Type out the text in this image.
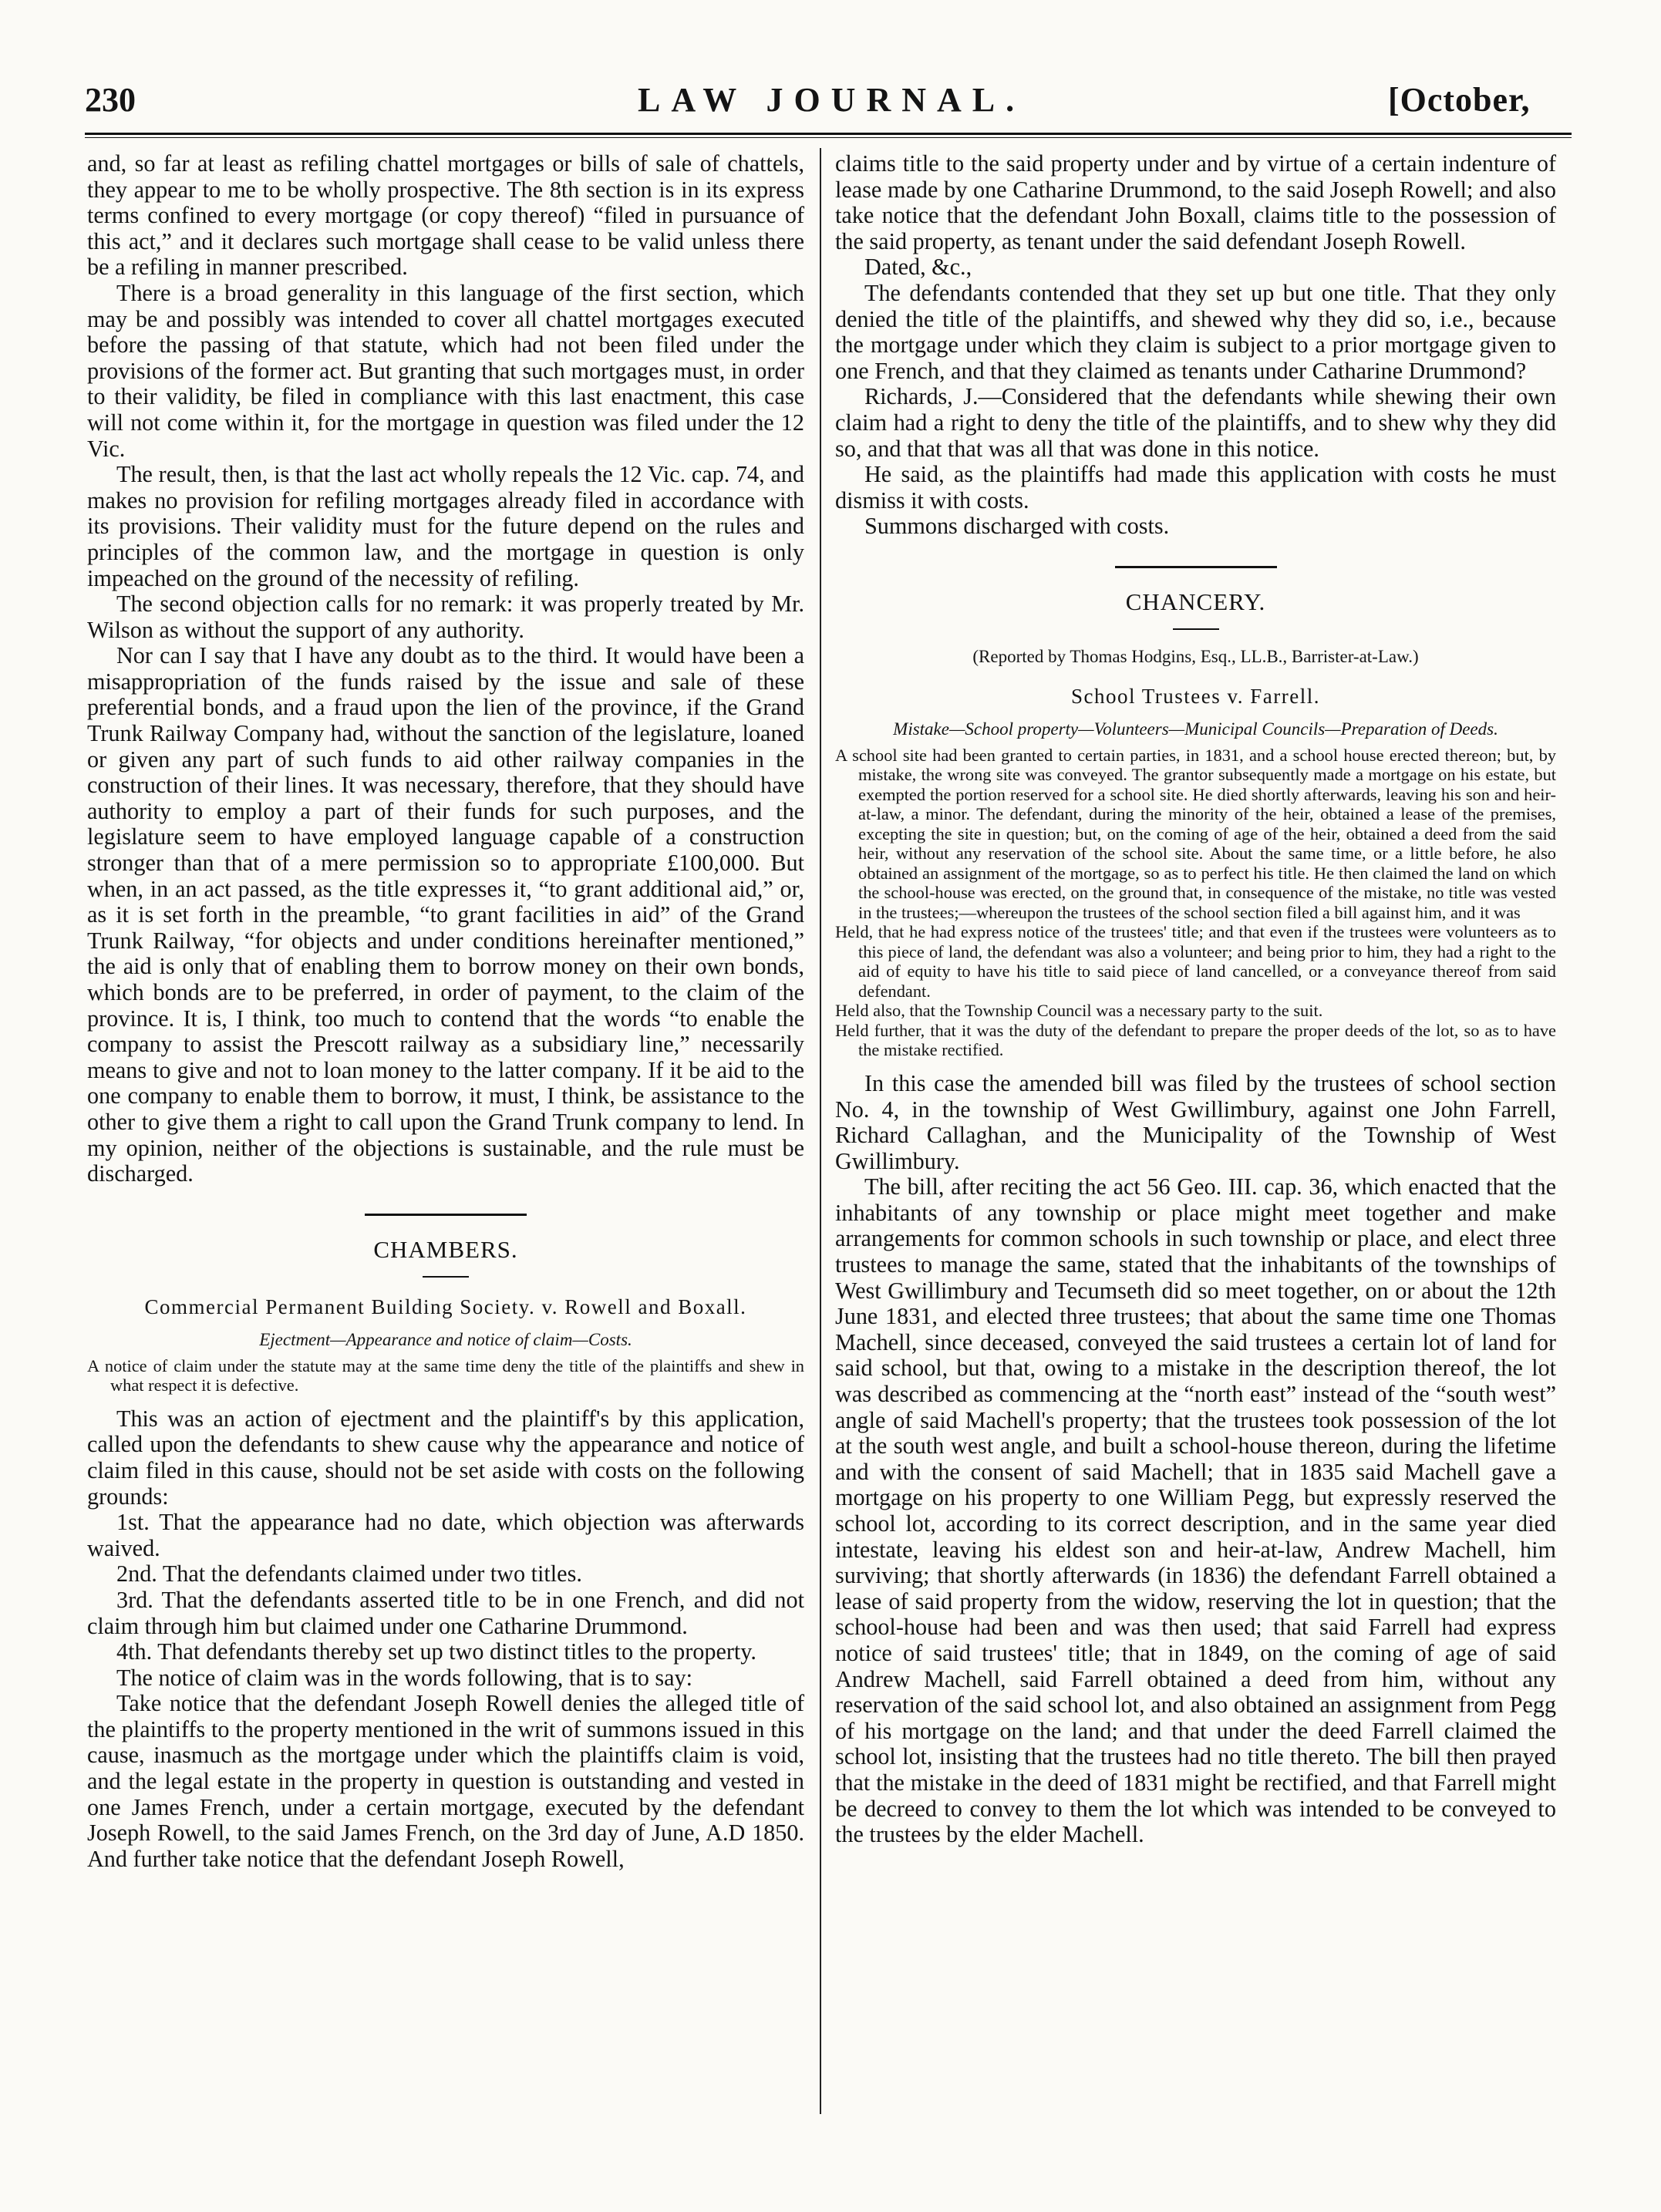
230	LAW JOURNAL.	[October,

and, so far at least as refiling chattel mortgages or bills of sale of chattels, they appear to me to be wholly prospective. The 8th section is in its express terms confined to every mortgage (or copy thereof) “filed in pursuance of this act,” and it declares such mortgage shall cease to be valid unless there be a refiling in manner prescribed.

There is a broad generality in this language of the first section, which may be and possibly was intended to cover all chattel mortgages executed before the passing of that statute, which had not been filed under the provisions of the former act. But granting that such mortgages must, in order to their validity, be filed in compliance with this last enactment, this case will not come within it, for the mortgage in question was filed under the 12 Vic.

The result, then, is that the last act wholly repeals the 12 Vic. cap. 74, and makes no provision for refiling mortgages already filed in accordance with its provisions. Their validity must for the future depend on the rules and principles of the common law, and the mortgage in question is only impeached on the ground of the necessity of refiling.

The second objection calls for no remark: it was properly treated by Mr. Wilson as without the support of any authority.

Nor can I say that I have any doubt as to the third. It would have been a misappropriation of the funds raised by the issue and sale of these preferential bonds, and a fraud upon the lien of the province, if the Grand Trunk Railway Company had, without the sanction of the legislature, loaned or given any part of such funds to aid other railway companies in the construction of their lines. It was necessary, therefore, that they should have authority to employ a part of their funds for such purposes, and the legislature seem to have employed language capable of a construction stronger than that of a mere permission so to appropriate £100,000. But when, in an act passed, as the title expresses it, “to grant additional aid,” or, as it is set forth in the preamble, “to grant facilities in aid” of the Grand Trunk Railway, “for objects and under conditions hereinafter mentioned,” the aid is only that of enabling them to borrow money on their own bonds, which bonds are to be preferred, in order of payment, to the claim of the province. It is, I think, too much to contend that the words “to enable the company to assist the Prescott railway as a subsidiary line,” necessarily means to give and not to loan money to the latter company. If it be aid to the one company to enable them to borrow, it must, I think, be assistance to the other to give them a right to call upon the Grand Trunk company to lend. In my opinion, neither of the objections is sustainable, and the rule must be discharged.

CHAMBERS.
Commercial Permanent Building Society. v. Rowell and Boxall.
Ejectment—Appearance and notice of claim—Costs.

A notice of claim under the statute may at the same time deny the title of the plaintiffs and shew in what respect it is defective.

This was an action of ejectment and the plaintiff's by this application, called upon the defendants to shew cause why the appearance and notice of claim filed in this cause, should not be set aside with costs on the following grounds:

1st. That the appearance had no date, which objection was afterwards waived.

2nd. That the defendants claimed under two titles.

3rd. That the defendants asserted title to be in one French, and did not claim through him but claimed under one Catharine Drummond.

4th. That defendants thereby set up two distinct titles to the property.

The notice of claim was in the words following, that is to say:

Take notice that the defendant Joseph Rowell denies the alleged title of the plaintiffs to the property mentioned in the writ of summons issued in this cause, inasmuch as the mortgage under which the plaintiffs claim is void, and the legal estate in the property in question is outstanding and vested in one James French, under a certain mortgage, executed by the defendant Joseph Rowell, to the said James French, on the 3rd day of June, A.D 1850. And further take notice that the defendant Joseph Rowell,

claims title to the said property under and by virtue of a certain indenture of lease made by one Catharine Drummond, to the said Joseph Rowell; and also take notice that the defendant John Boxall, claims title to the possession of the said property, as tenant under the said defendant Joseph Rowell.

Dated, &c.,

The defendants contended that they set up but one title. That they only denied the title of the plaintiffs, and shewed why they did so, i.e., because the mortgage under which they claim is subject to a prior mortgage given to one French, and that they claimed as tenants under Catharine Drummond?

Richards, J.—Considered that the defendants while shewing their own claim had a right to deny the title of the plaintiffs, and to shew why they did so, and that that was all that was done in this notice.

He said, as the plaintiffs had made this application with costs he must dismiss it with costs.

Summons discharged with costs.

CHANCERY.
(Reported by Thomas Hodgins, Esq., LL.B., Barrister-at-Law.)
School Trustees v. Farrell.
Mistake—School property—Volunteers—Municipal Councils—Preparation of Deeds.

A school site had been granted to certain parties, in 1831, and a school house erected thereon; but, by mistake, the wrong site was conveyed. The grantor subsequently made a mortgage on his estate, but exempted the portion reserved for a school site. He died shortly afterwards, leaving his son and heir-at-law, a minor. The defendant, during the minority of the heir, obtained a lease of the premises, excepting the site in question; but, on the coming of age of the heir, obtained a deed from the said heir, without any reservation of the school site. About the same time, or a little before, he also obtained an assignment of the mortgage, so as to perfect his title. He then claimed the land on which the school-house was erected, on the ground that, in consequence of the mistake, no title was vested in the trustees;—whereupon the trustees of the school section filed a bill against him, and it was

Held, that he had express notice of the trustees' title; and that even if the trustees were volunteers as to this piece of land, the defendant was also a volunteer; and being prior to him, they had a right to the aid of equity to have his title to said piece of land cancelled, or a conveyance thereof from said defendant.

Held also, that the Township Council was a necessary party to the suit.

Held further, that it was the duty of the defendant to prepare the proper deeds of the lot, so as to have the mistake rectified.

In this case the amended bill was filed by the trustees of school section No. 4, in the township of West Gwillimbury, against one John Farrell, Richard Callaghan, and the Municipality of the Township of West Gwillimbury.

The bill, after reciting the act 56 Geo. III. cap. 36, which enacted that the inhabitants of any township or place might meet together and make arrangements for common schools in such township or place, and elect three trustees to manage the same, stated that the inhabitants of the townships of West Gwillimbury and Tecumseth did so meet together, on or about the 12th June 1831, and elected three trustees; that about the same time one Thomas Machell, since deceased, conveyed the said trustees a certain lot of land for said school, but that, owing to a mistake in the description thereof, the lot was described as commencing at the “north east” instead of the “south west” angle of said Machell's property; that the trustees took possession of the lot at the south west angle, and built a school-house thereon, during the lifetime and with the consent of said Machell; that in 1835 said Machell gave a mortgage on his property to one William Pegg, but expressly reserved the school lot, according to its correct description, and in the same year died intestate, leaving his eldest son and heir-at-law, Andrew Machell, him surviving; that shortly afterwards (in 1836) the defendant Farrell obtained a lease of said property from the widow, reserving the lot in question; that the school-house had been and was then used; that said Farrell had express notice of said trustees' title; that in 1849, on the coming of age of said Andrew Machell, said Farrell obtained a deed from him, without any reservation of the said school lot, and also obtained an assignment from Pegg of his mortgage on the land; and that under the deed Farrell claimed the school lot, insisting that the trustees had no title thereto. The bill then prayed that the mistake in the deed of 1831 might be rectified, and that Farrell might be decreed to convey to them the lot which was intended to be conveyed to the trustees by the elder Machell.
